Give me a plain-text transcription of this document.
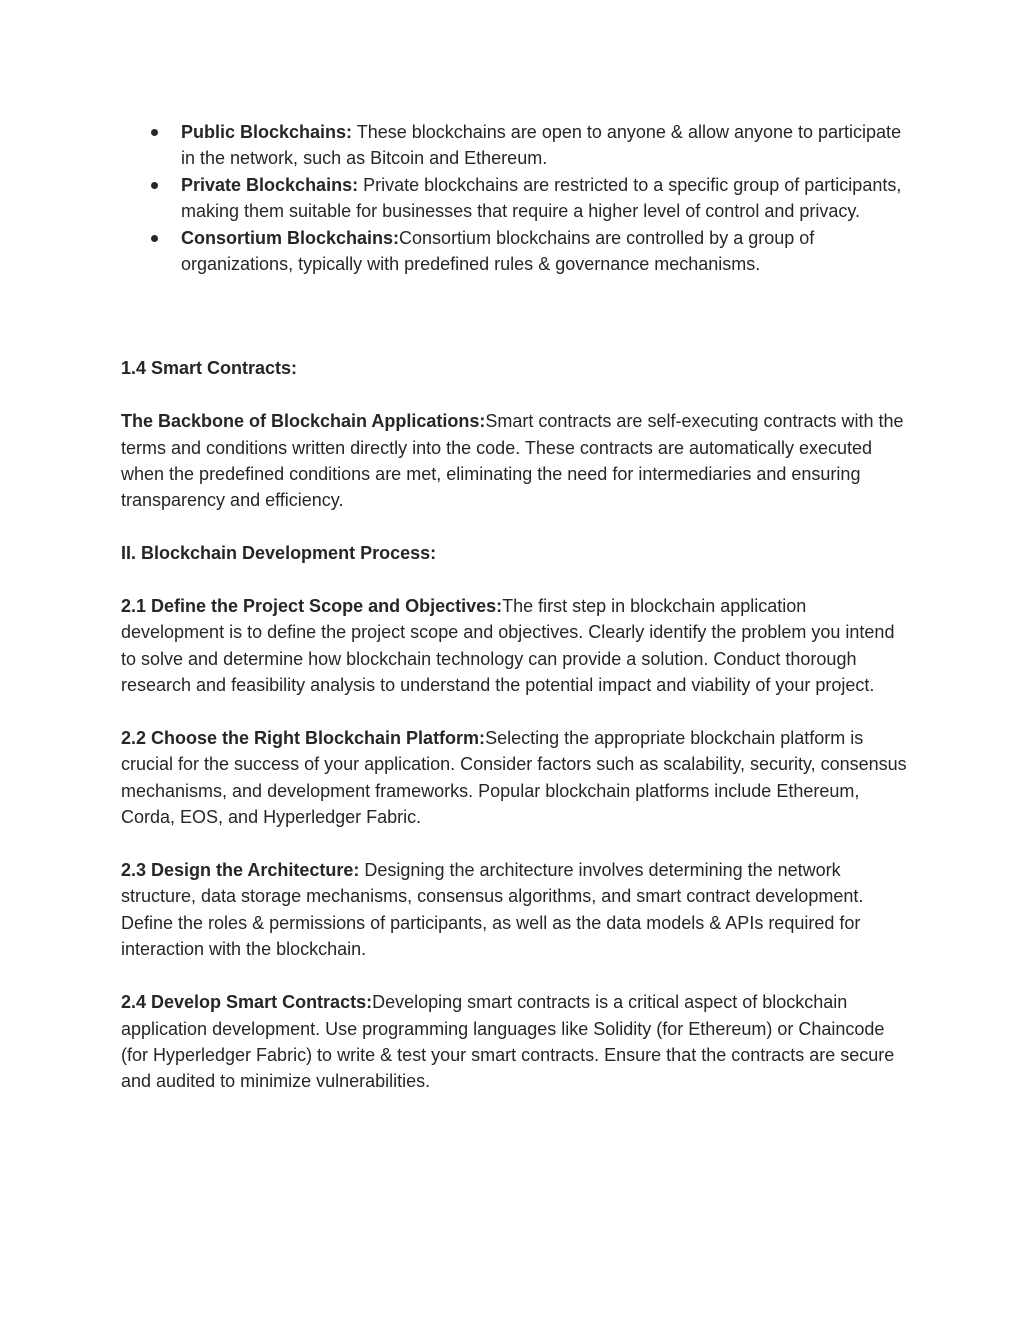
Public Blockchains: These blockchains are open to anyone & allow anyone to participate in the network, such as Bitcoin and Ethereum.
Private Blockchains: Private blockchains are restricted to a specific group of participants, making them suitable for businesses that require a higher level of control and privacy.
Consortium Blockchains:Consortium blockchains are controlled by a group of organizations, typically with predefined rules & governance mechanisms.

1.4 Smart Contracts:

The Backbone of Blockchain Applications:Smart contracts are self-executing contracts with the terms and conditions written directly into the code. These contracts are automatically executed when the predefined conditions are met, eliminating the need for intermediaries and ensuring transparency and efficiency.

II. Blockchain Development Process:

2.1 Define the Project Scope and Objectives:The first step in blockchain application development is to define the project scope and objectives. Clearly identify the problem you intend to solve and determine how blockchain technology can provide a solution. Conduct thorough research and feasibility analysis to understand the potential impact and viability of your project.

2.2 Choose the Right Blockchain Platform:Selecting the appropriate blockchain platform is crucial for the success of your application. Consider factors such as scalability, security, consensus mechanisms, and development frameworks. Popular blockchain platforms include Ethereum, Corda, EOS, and Hyperledger Fabric.

2.3 Design the Architecture: Designing the architecture involves determining the network structure, data storage mechanisms, consensus algorithms, and smart contract development. Define the roles & permissions of participants, as well as the data models & APIs required for interaction with the blockchain.

2.4 Develop Smart Contracts:Developing smart contracts is a critical aspect of blockchain application development. Use programming languages like Solidity (for Ethereum) or Chaincode (for Hyperledger Fabric) to write & test your smart contracts. Ensure that the contracts are secure and audited to minimize vulnerabilities.
